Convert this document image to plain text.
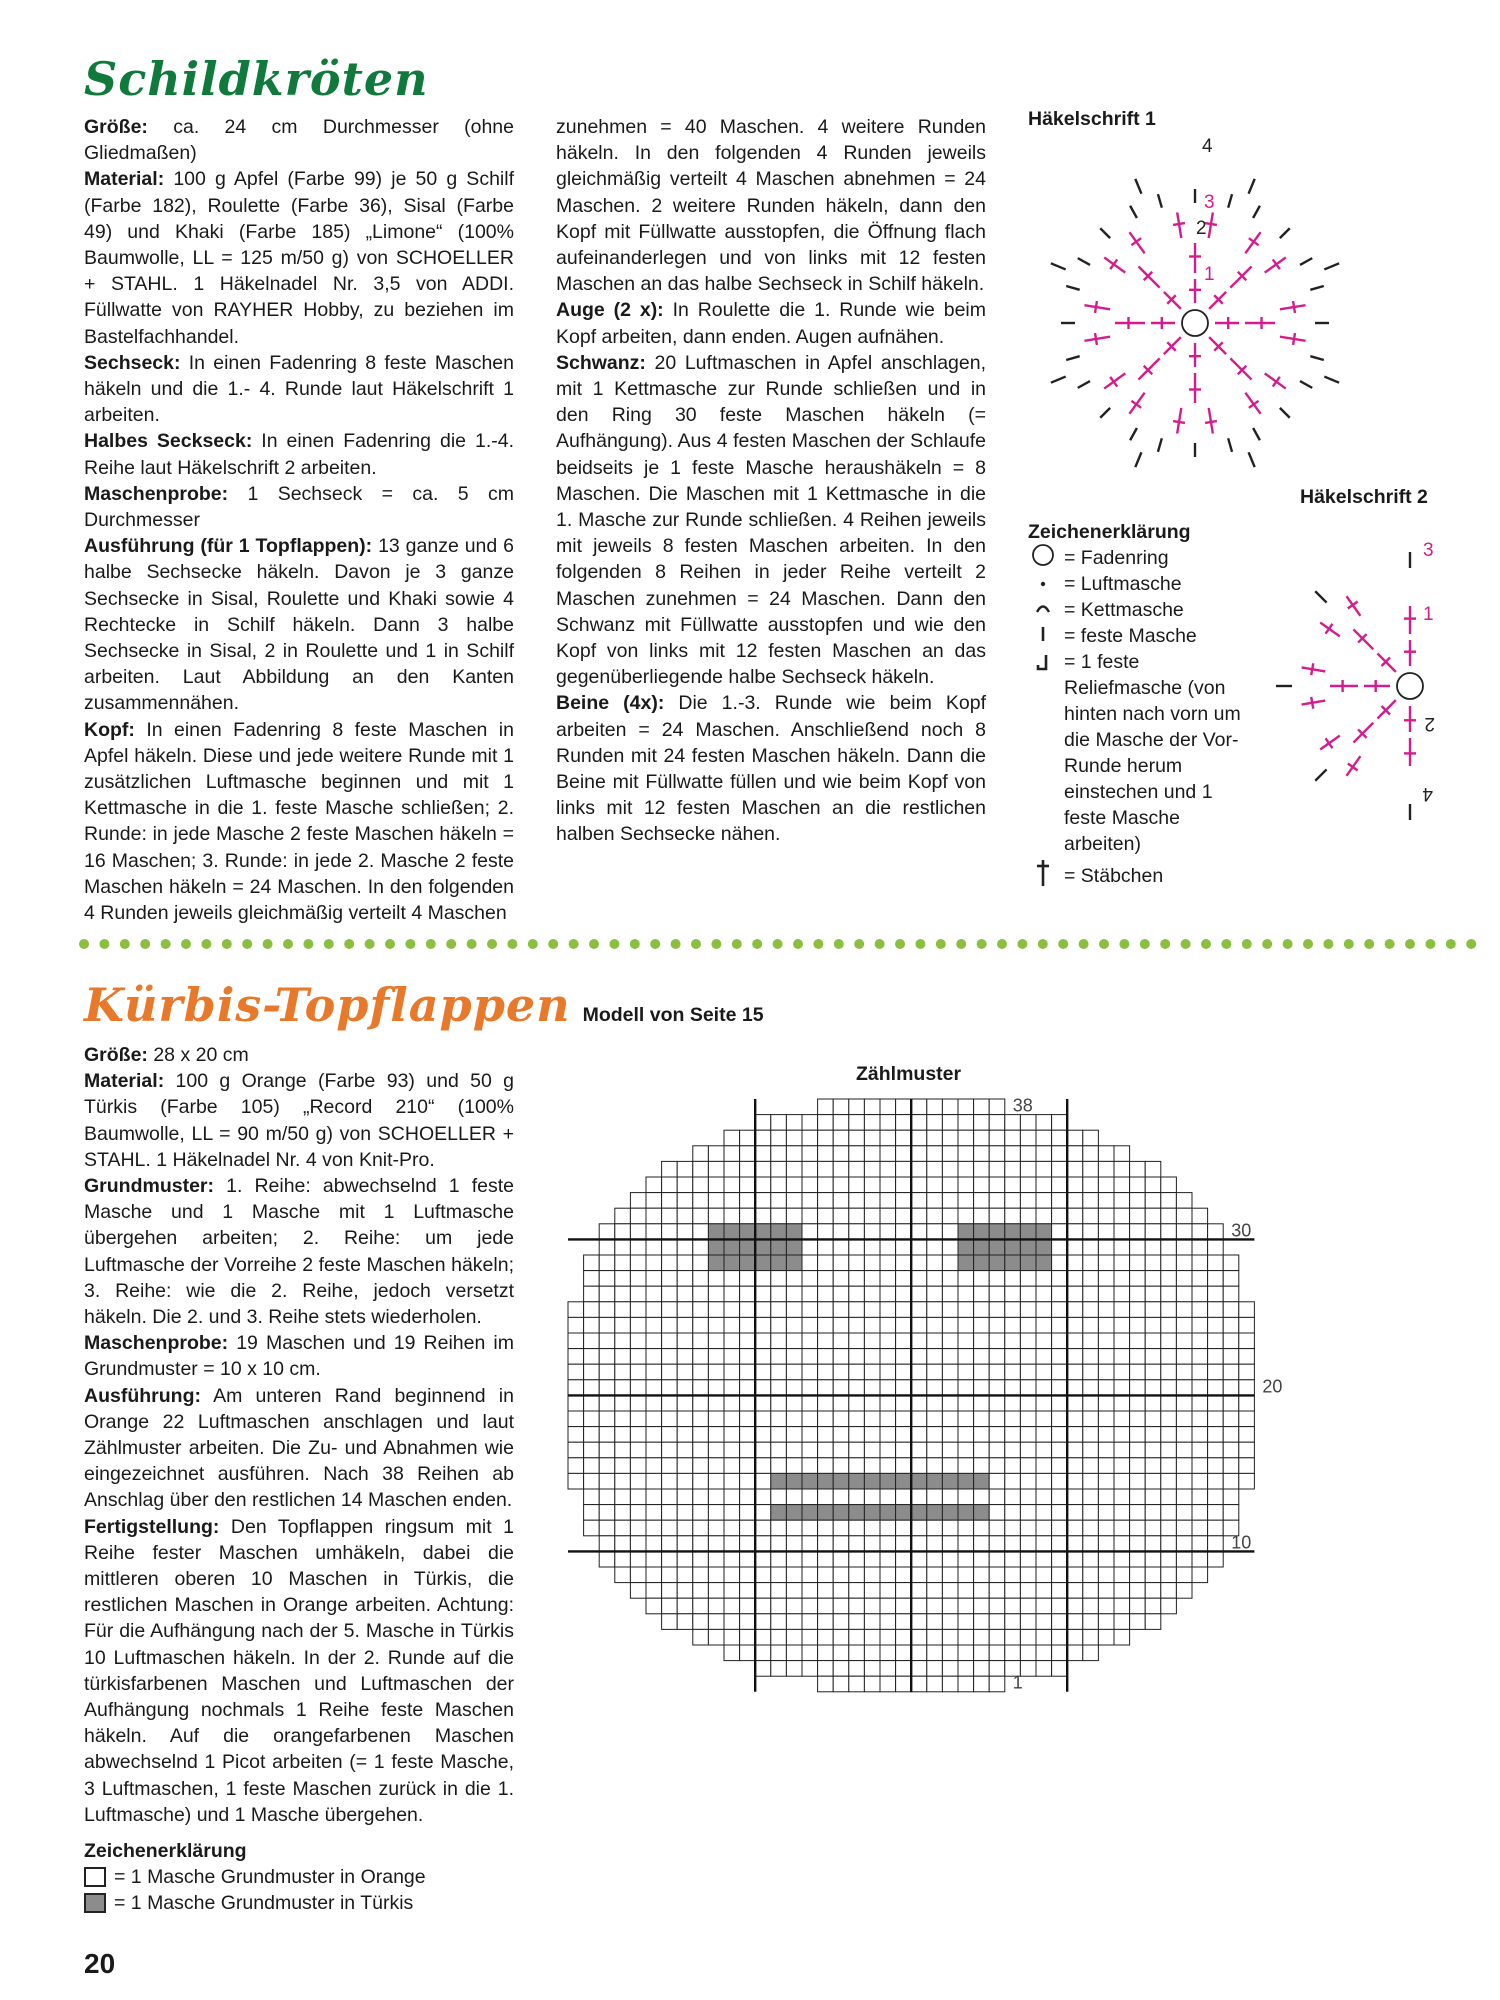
Schildkröten

Größe: ca. 24 cm Durchmesser (ohne Gliedmaßen)

Material: 100 g Apfel (Farbe 99) je 50 g Schilf (Farbe 182), Roulette (Farbe 36), Sisal (Farbe 49) und Khaki (Farbe 185) „Limone“ (100% Baumwolle, LL = 125 m/50 g) von SCHOELLER + STAHL. 1 Häkelnadel Nr. 3,5 von ADDI. Füllwatte von RAYHER Hobby, zu beziehen im Bastelfachhandel.

Sechseck: In einen Fadenring 8 feste Maschen häkeln und die 1.- 4. Runde laut Häkelschrift 1 arbeiten.

Halbes Seckseck: In einen Fadenring die 1.-4. Reihe laut Häkelschrift 2 arbeiten.

Maschenprobe: 1 Sechseck = ca. 5 cm Durchmesser

Ausführung (für 1 Topflappen): 13 ganze und 6 halbe Sechsecke häkeln. Davon je 3 ganze Sechsecke in Sisal, Roulette und Khaki sowie 4 Rechtecke in Schilf häkeln. Dann 3 halbe Sechsecke in Sisal, 2 in Roulette und 1 in Schilf arbeiten. Laut Abbildung an den Kanten zusammennähen.

Kopf: In einen Fadenring 8 feste Maschen in Apfel häkeln. Diese und jede weitere Runde mit 1 zusätzlichen Luftmasche beginnen und mit 1 Kettmasche in die 1. feste Masche schließen; 2. Runde: in jede Masche 2 feste Maschen häkeln = 16 Maschen; 3. Runde: in jede 2. Masche 2 feste Maschen häkeln = 24 Maschen. In den folgenden 4 Runden jeweils gleichmäßig verteilt 4 Maschen

zunehmen = 40 Maschen. 4 weitere Runden häkeln. In den folgenden 4 Runden jeweils gleichmäßig verteilt 4 Maschen abnehmen = 24 Maschen. 2 weitere Runden häkeln, dann den Kopf mit Füllwatte ausstopfen, die Öffnung flach aufeinanderlegen und von links mit 12 festen Maschen an das halbe Sechseck in Schilf häkeln.

Auge (2 x): In Roulette die 1. Runde wie beim Kopf arbeiten, dann enden. Augen aufnähen.

Schwanz: 20 Luftmaschen in Apfel anschlagen, mit 1 Kettmasche zur Runde schließen und in den Ring 30 feste Maschen häkeln (= Aufhängung). Aus 4 festen Maschen der Schlaufe beidseits je 1 feste Masche heraushäkeln = 8 Maschen. Die Maschen mit 1 Kettmasche in die 1. Masche zur Runde schließen. 4 Reihen jeweils mit jeweils 8 festen Maschen arbeiten. In den folgenden 8 Reihen in jeder Reihe verteilt 2 Maschen zunehmen = 24 Maschen. Dann den Schwanz mit Füllwatte ausstopfen und wie den Kopf von links mit 12 festen Maschen an das gegenüberliegende halbe Sechseck häkeln.

Beine (4x): Die 1.-3. Runde wie beim Kopf arbeiten = 24 Maschen. Anschließend noch 8 Runden mit 24 festen Maschen häkeln. Dann die Beine mit Füllwatte füllen und wie beim Kopf von links mit 12 festen Maschen an die restlichen halben Sechsecke nähen.

Häkelschrift 1
4
3
2
1
Häkelschrift 2
3
1
2
4
Zeichenerklärung
= Fadenring
= Luftmasche
= Kettmasche
= feste Masche
= 1 feste Reliefmasche (von hinten nach vorn um die Masche der Vor-Runde herum einstechen und 1 feste Masche arbeiten)
= Stäbchen
Kürbis-Topflappen Modell von Seite 15

Größe: 28 x 20 cm

Material: 100 g Orange (Farbe 93) und 50 g Türkis (Farbe 105) „Record 210“ (100% Baumwolle, LL = 90 m/50 g) von SCHOELLER + STAHL. 1 Häkelnadel Nr. 4 von Knit-Pro.

Grundmuster: 1. Reihe: abwechselnd 1 feste Masche und 1 Masche mit 1 Luftmasche übergehen arbeiten; 2. Reihe: um jede Luftmasche der Vorreihe 2 feste Maschen häkeln; 3. Reihe: wie die 2. Reihe, jedoch versetzt häkeln. Die 2. und 3. Reihe stets wiederholen.

Maschenprobe: 19 Maschen und 19 Reihen im Grundmuster = 10 x 10 cm.

Ausführung: Am unteren Rand beginnend in Orange 22 Luftmaschen anschlagen und laut Zählmuster arbeiten. Die Zu- und Abnahmen wie eingezeichnet ausführen. Nach 38 Reihen ab Anschlag über den restlichen 14 Maschen enden.

Fertigstellung: Den Topflappen ringsum mit 1 Reihe fester Maschen umhäkeln, dabei die mittleren oberen 10 Maschen in Türkis, die restlichen Maschen in Orange arbeiten. Achtung: Für die Aufhängung nach der 5. Masche in Türkis 10 Luftmaschen häkeln. In der 2. Runde auf die türkisfarbenen Maschen und Luftmaschen der Aufhängung nochmals 1 Reihe feste Maschen häkeln. Auf die orangefarbenen Maschen abwechselnd 1 Picot arbeiten (= 1 feste Masche, 3 Luftmaschen, 1 feste Maschen zurück in die 1. Luftmasche) und 1 Masche übergehen.

Zählmuster
38
30
20
10
1
Zeichenerklärung
= 1 Masche Grundmuster in Orange
= 1 Masche Grundmuster in Türkis
20
